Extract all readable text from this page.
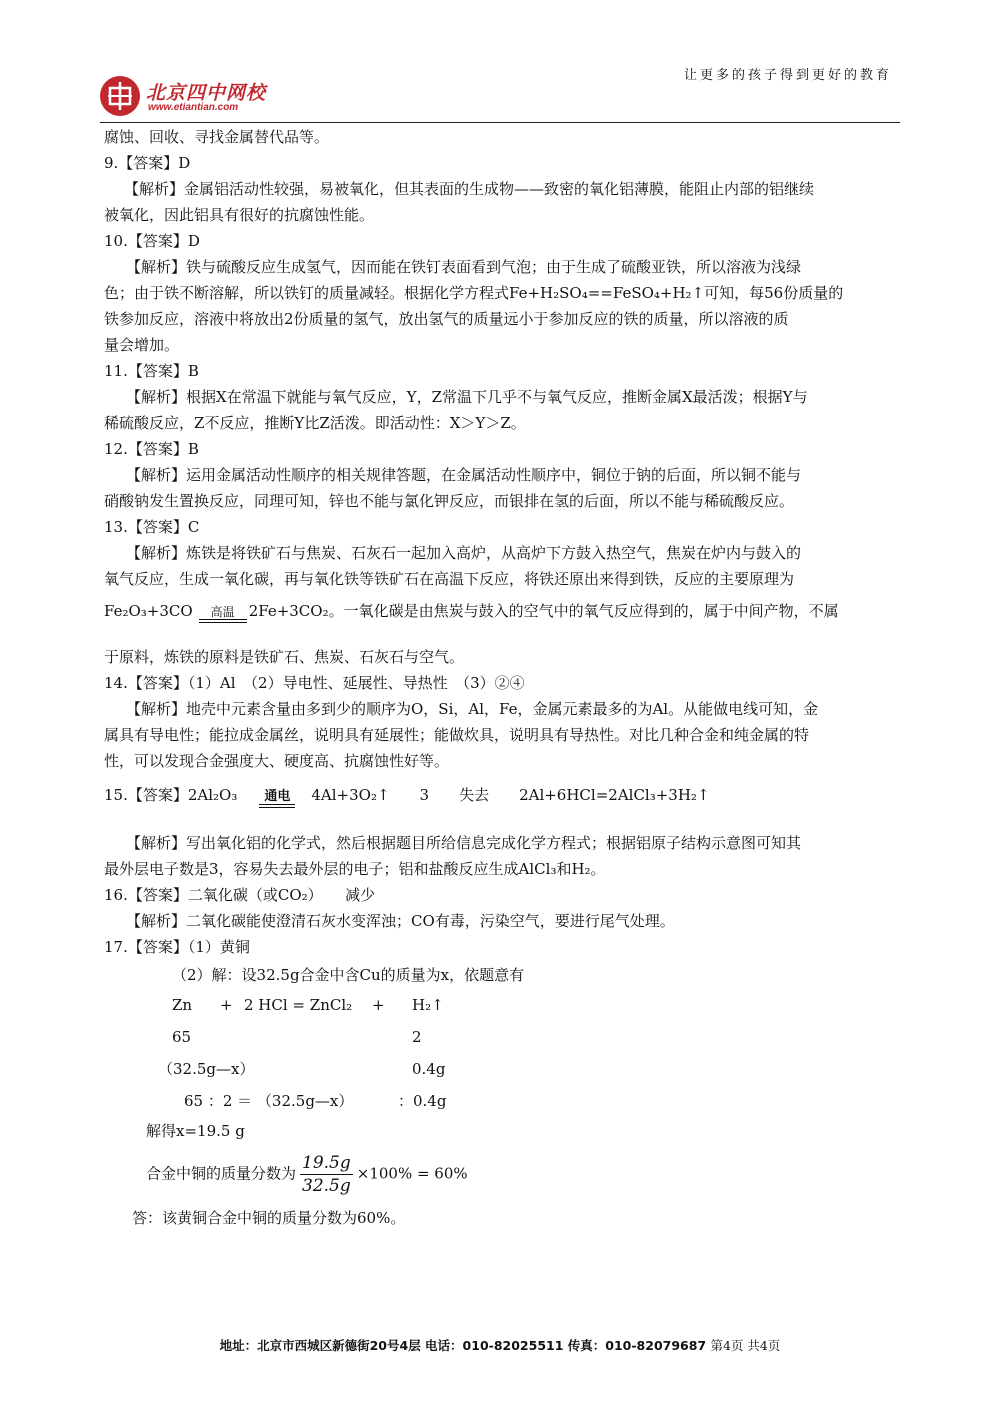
北京四中网校
www.etiantian.com
让更多的孩子得到更好的教育

腐蚀、回收、寻找金属替代品等。

9.【答案】D

【解析】金属铝活动性较强，易被氧化，但其表面的生成物——致密的氧化铝薄膜，能阻止内部的铝继续

被氧化，因此铝具有很好的抗腐蚀性能。

10.【答案】D

【解析】铁与硫酸反应生成氢气，因而能在铁钉表面看到气泡；由于生成了硫酸亚铁，所以溶液为浅绿

色；由于铁不断溶解，所以铁钉的质量减轻。根据化学方程式Fe+H₂SO₄==FeSO₄+H₂↑可知，每56份质量的

铁参加反应，溶液中将放出2份质量的氢气，放出氢气的质量远小于参加反应的铁的质量，所以溶液的质

量会增加。

11.【答案】B

【解析】根据X在常温下就能与氧气反应，Y，Z常温下几乎不与氧气反应，推断金属X最活泼；根据Y与

稀硫酸反应，Z不反应，推断Y比Z活泼。即活动性：X＞Y＞Z。

12.【答案】B

【解析】运用金属活动性顺序的相关规律答题，在金属活动性顺序中，铜位于钠的后面，所以铜不能与

硝酸钠发生置换反应，同理可知，锌也不能与氯化钾反应，而银排在氢的后面，所以不能与稀硫酸反应。

13.【答案】C

【解析】炼铁是将铁矿石与焦炭、石灰石一起加入高炉，从高炉下方鼓入热空气，焦炭在炉内与鼓入的

氧气反应，生成一氧化碳，再与氧化铁等铁矿石在高温下反应，将铁还原出来得到铁，反应的主要原理为

Fe₂O₃+3CO	高温 2Fe+3CO₂。一氧化碳是由焦炭与鼓入的空气中的氧气反应得到的，属于中间产物，不属

于原料，炼铁的原料是铁矿石、焦炭、石灰石与空气。

14.【答案】（1）Al　（2）导电性、延展性、导热性　（3）②④

【解析】地壳中元素含量由多到少的顺序为O，Si，Al，Fe，金属元素最多的为Al。从能做电线可知，金

属具有导电性；能拉成金属丝，说明具有延展性；能做炊具，说明具有导热性。对比几种合金和纯金属的特

性，可以发现合金强度大、硬度高、抗腐蚀性好等。

15.【答案】2Al₂O₃	通电	4Al+3O₂↑　　3　　失去　　2Al+6HCl=2AlCl₃+3H₂↑

【解析】写出氧化铝的化学式，然后根据题目所给信息完成化学方程式；根据铝原子结构示意图可知其

最外层电子数是3，容易失去最外层的电子；铝和盐酸反应生成AlCl₃和H₂。

16.【答案】二氧化碳（或CO₂）　　减少

【解析】二氧化碳能使澄清石灰水变浑浊；CO有毒，污染空气，要进行尾气处理。

17.【答案】（1）黄铜

（2）解：设32.5g合金中含Cu的质量为x，依题意有

Zn + 2 HCl = ZnCl₂ + H₂↑
65	2
（32.5g—x）	0.4g
65 ：2 ＝ （32.5g—x）	：0.4g

解得x=19.5 g

合金中铜的质量分数为 $\frac{19.5g}{32.5g} \times 100\% = 60\%$

答：该黄铜合金中铜的质量分数为60%。

地址：北京市西城区新德街20号4层 电话：010-82025511 传真：010-82079687 第4页 共4页
